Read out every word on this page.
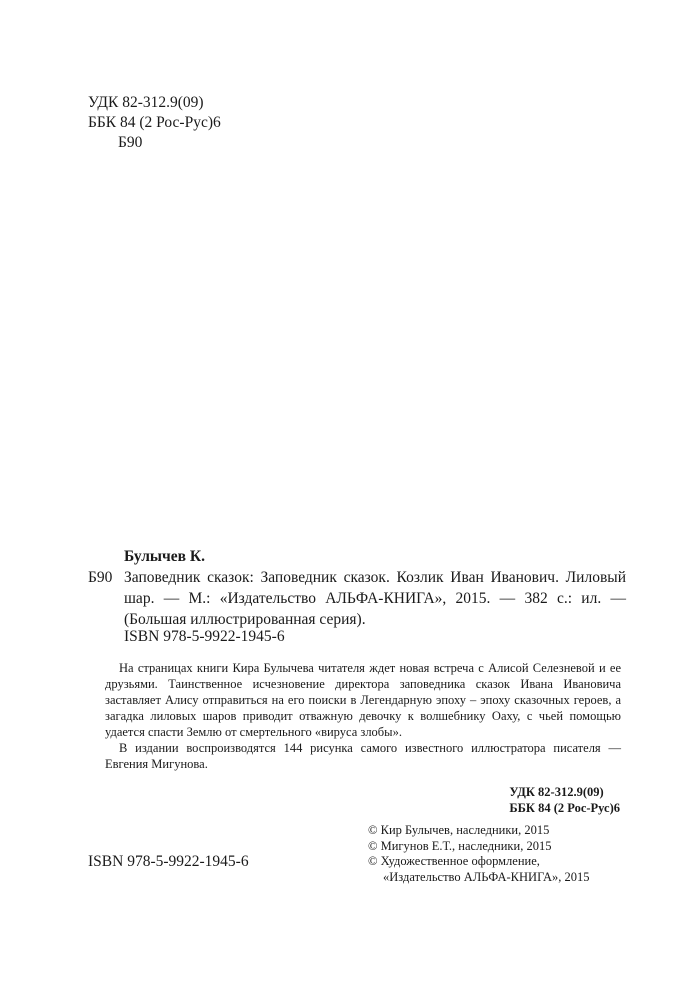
УДК 82-312.9(09)
ББК 84 (2 Рос-Рус)6
Б90
Булычев К.
Б90 Заповедник сказок: Заповедник сказок. Козлик Иван Иванович. Лиловый шар. — М.: «Издательство АЛЬФА-КНИГА», 2015. — 382 с.: ил. — (Большая иллюстрированная серия).
ISBN 978-5-9922-1945-6

На страницах книги Кира Булычева читателя ждет новая встреча с Алисой Селезневой и ее друзьями. Таинственное исчезновение директора заповедника сказок Ивана Ивановича заставляет Алису отправиться на его поиски в Легендарную эпоху – эпоху сказочных героев, а загадка лиловых шаров приводит отважную девочку к волшебнику Оаху, с чьей помощью удается спасти Землю от смертельного «вируса злобы».

В издании воспроизводятся 144 рисунка самого известного иллюстратора писателя — Евгения Мигунова.

УДК 82-312.9(09)
ББК 84 (2 Рос-Рус)6
© Кир Булычев, наследники, 2015
© Мигунов Е.Т., наследники, 2015
© Художественное оформление,
«Издательство АЛЬФА-КНИГА», 2015
ISBN 978-5-9922-1945-6
